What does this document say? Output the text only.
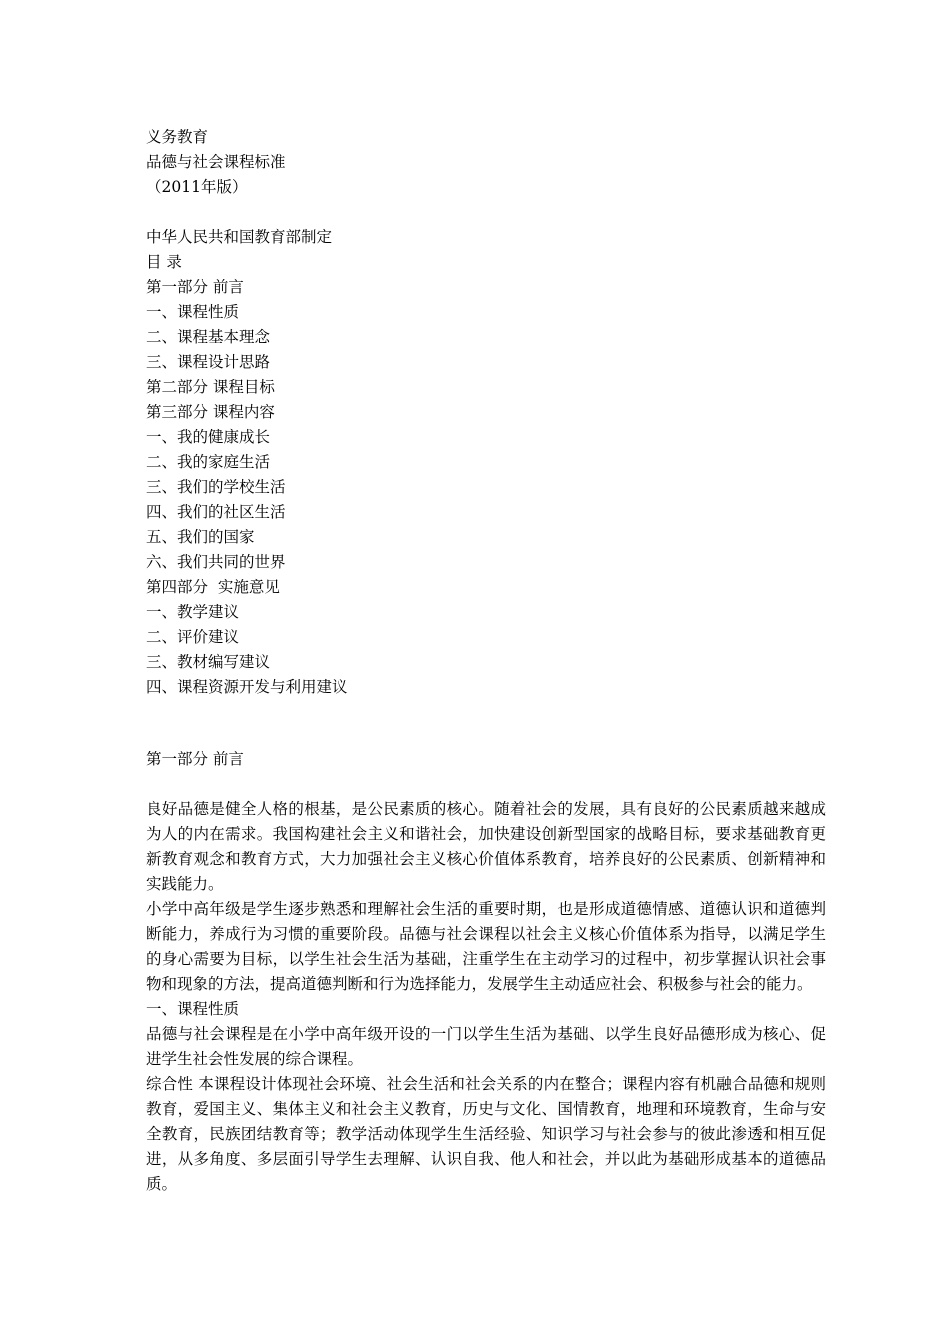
义务教育
品德与社会课程标准
（2011年版）
中华人民共和国教育部制定
目 录
第一部分 前言
一、课程性质
二、课程基本理念
三、课程设计思路
第二部分 课程目标
第三部分 课程内容
一、我的健康成长
二、我的家庭生活
三、我们的学校生活
四、我们的社区生活
五、我们的国家
六、我们共同的世界
第四部分  实施意见
一、教学建议
二、评价建议
三、教材编写建议
四、课程资源开发与利用建议
第一部分 前言

良好品德是健全人格的根基，是公民素质的核心。随着社会的发展，具有良好的公民素质越来越成为人的内在需求。我国构建社会主义和谐社会，加快建设创新型国家的战略目标，要求基础教育更新教育观念和教育方式，大力加强社会主义核心价值体系教育，培养良好的公民素质、创新精神和实践能力。

小学中高年级是学生逐步熟悉和理解社会生活的重要时期，也是形成道德情感、道德认识和道德判断能力，养成行为习惯的重要阶段。品德与社会课程以社会主义核心价值体系为指导，以满足学生的身心需要为目标，以学生社会生活为基础，注重学生在主动学习的过程中，初步掌握认识社会事物和现象的方法，提高道德判断和行为选择能力，发展学生主动适应社会、积极参与社会的能力。

一、课程性质

品德与社会课程是在小学中高年级开设的一门以学生生活为基础、以学生良好品德形成为核心、促进学生社会性发展的综合课程。

综合性 本课程设计体现社会环境、社会生活和社会关系的内在整合；课程内容有机融合品德和规则教育，爱国主义、集体主义和社会主义教育，历史与文化、国情教育，地理和环境教育，生命与安全教育，民族团结教育等；教学活动体现学生生活经验、知识学习与社会参与的彼此渗透和相互促进，从多角度、多层面引导学生去理解、认识自我、他人和社会，并以此为基础形成基本的道德品质。
